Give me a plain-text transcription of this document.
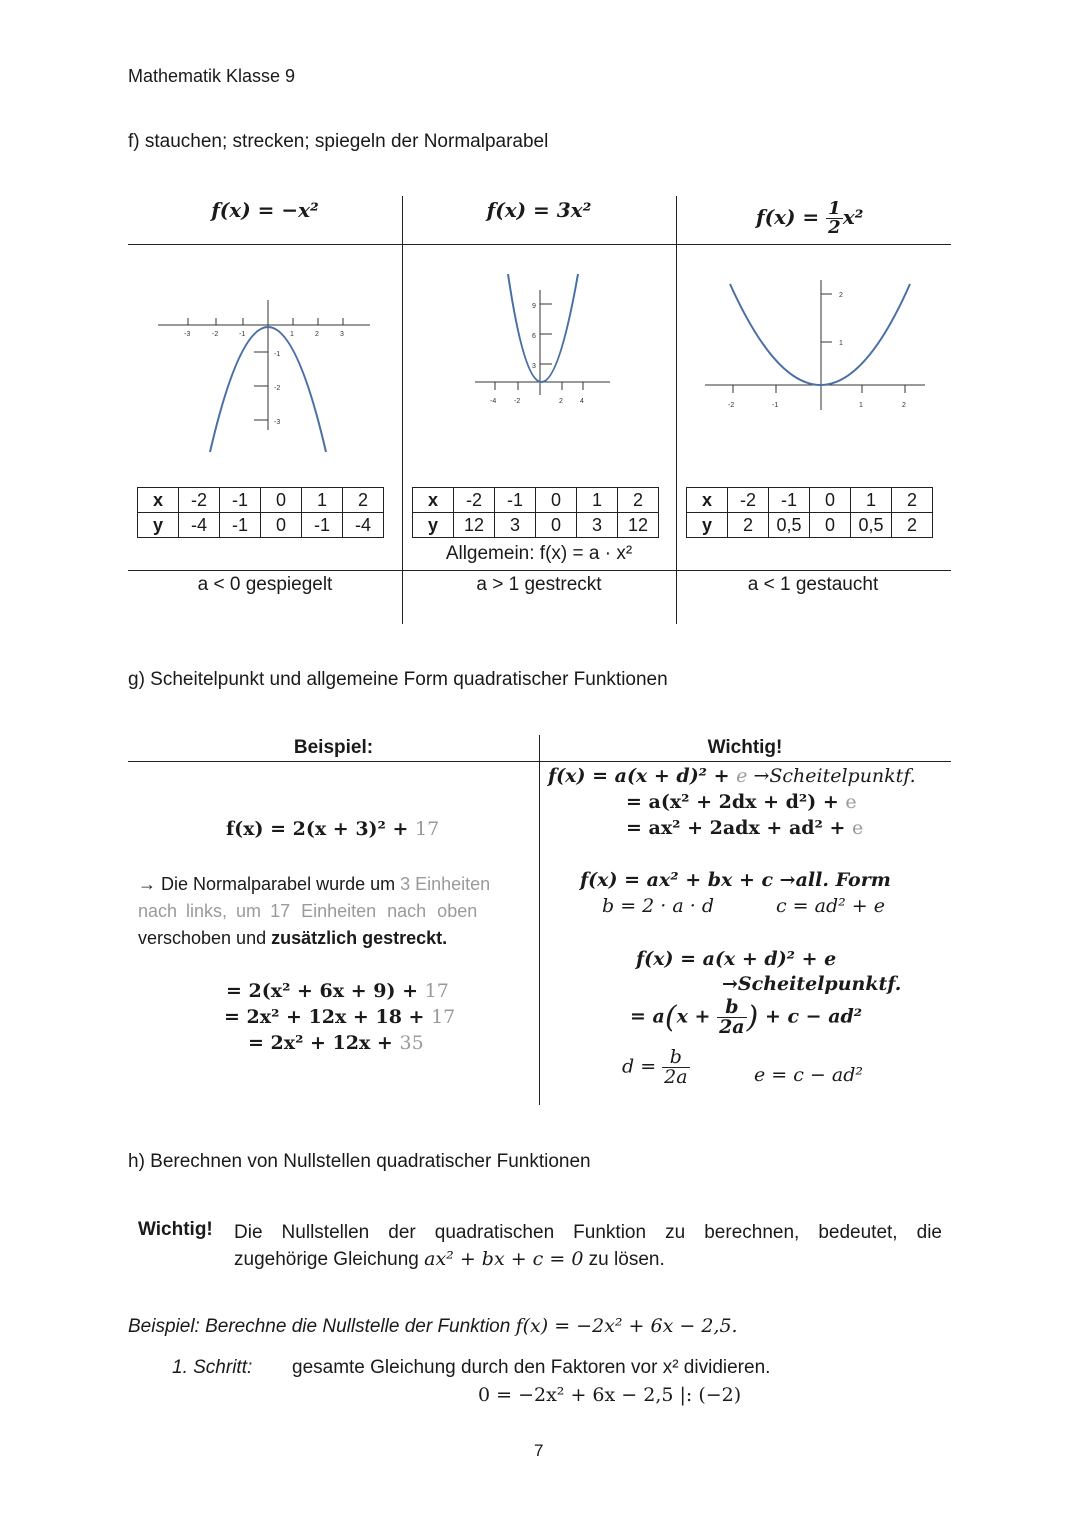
Mathematik Klasse 9
f) stauchen; strecken; spiegeln der Normalparabel
f(x) = −x²	f(x) = 3x²	$f(x) = \frac{1}{2} x^2$
-3	-2	-1	1	2	3
-1
-2
-3
-4	-2	2 4
3
6
9
-2	-1	1	2
1
2
x	-2	-1	0	1	2
y	-4	-1	0	-1	-4
x	-2	-1	0	1	2
y	12	3	0	3	12
x	-2	-1	0	1	2
y	2	0,5	0	0,5	2
Allgemein: f(x) = a · x²
a < 0 gespiegelt	a > 1 gestreckt	a < 1 gestaucht
g) Scheitelpunkt und allgemeine Form quadratischer Funktionen
Beispiel:	Wichtig!
f(x) = 2(x + 3)² + 17
→ Die Normalparabel wurde um 3 Einheiten
nach links, um 17 Einheiten nach oben
verschoben und zusätzlich gestreckt.
= 2(x² + 6x + 9) + 17
= 2x² + 12x + 18 + 17
= 2x² + 12x + 35
f(x) = a(x + d)² + e →Scheitelpunktf.
= a(x² + 2dx + d²) + e
= ax² + 2adx + ad² + e
f(x) = ax² + bx + c →all. Form
b = 2 · a · d	c = ad² + e
f(x) = a(x + d)² + e
→Scheitelpunktf.
= $a(x + \frac{b}{2a}$ ) + c − ad²
$d = \frac{b}{2a}$	e = c − ad²
h) Berechnen von Nullstellen quadratischer Funktionen
Wichtig! Die Nullstellen der quadratischen Funktion zu berechnen, bedeutet, die
zugehörige Gleichung ax² + bx + c = 0 zu lösen.
Beispiel: Berechne die Nullstelle der Funktion f(x) = −2x² + 6x − 2,5.
1. Schritt: gesamte Gleichung durch den Faktoren vor x² dividieren.
0 = −2x² + 6x − 2,5 |: (−2)
7
